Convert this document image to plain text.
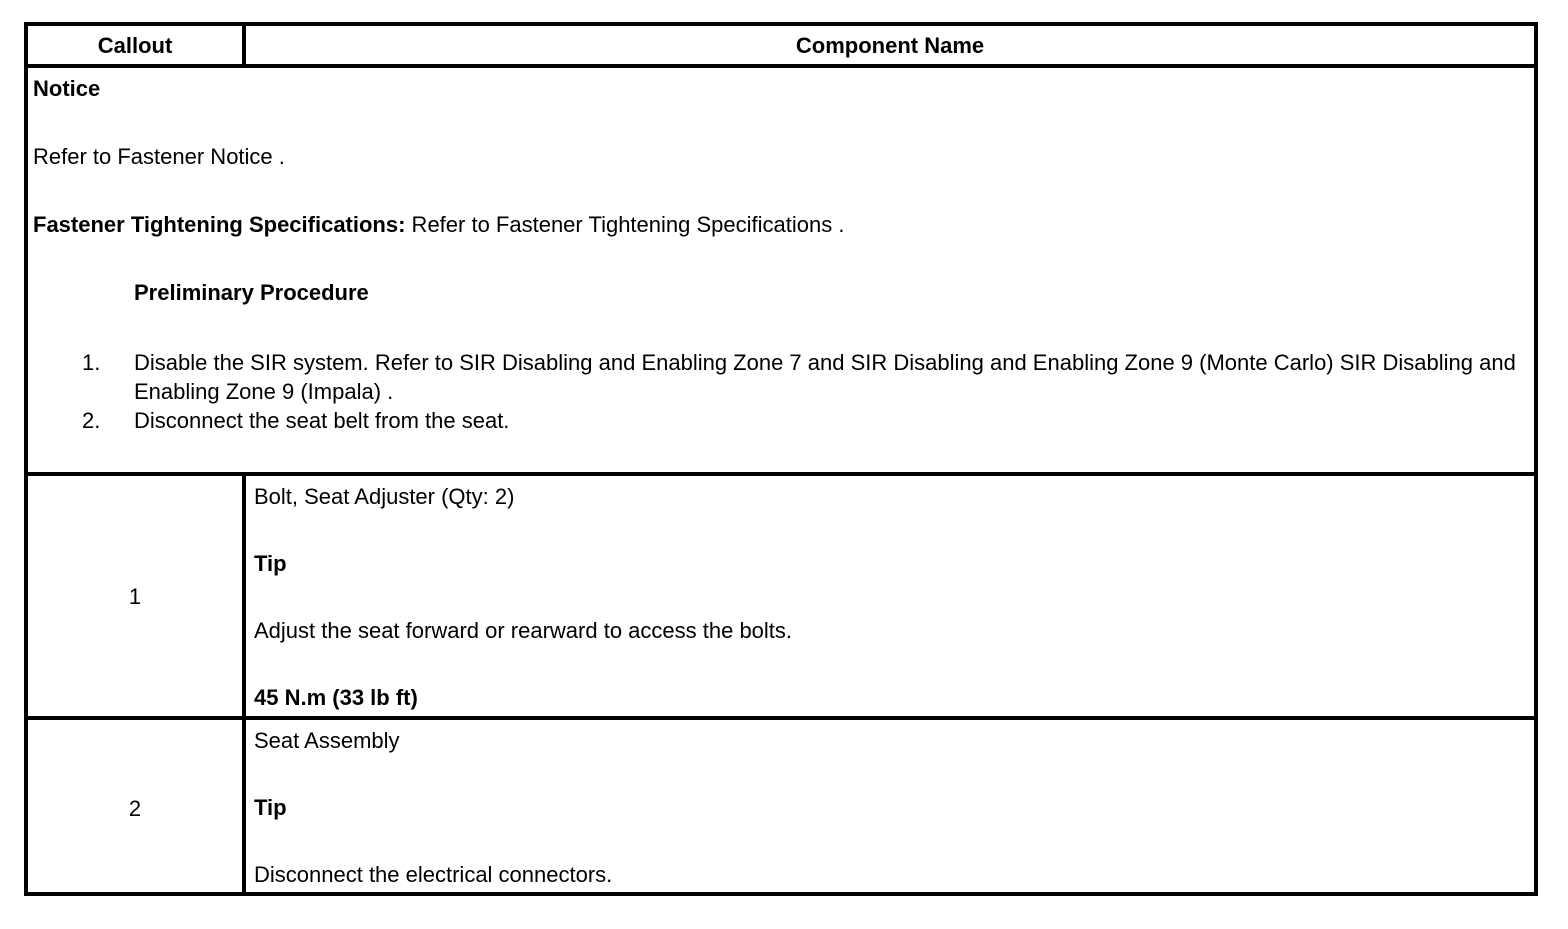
Callout	Component Name

Notice

Refer to Fastener Notice .

Fastener Tightening Specifications: Refer to Fastener Tightening Specifications .

Preliminary Procedure

1. Disable the SIR system. Refer to SIR Disabling and Enabling Zone 7 and SIR Disabling and Enabling Zone 9 (Monte Carlo) SIR Disabling and Enabling Zone 9 (Impala) .
2. Disconnect the seat belt from the seat.
1

Bolt, Seat Adjuster (Qty: 2)

Tip

Adjust the seat forward or rearward to access the bolts.

45 N.m (33 lb ft)

2

Seat Assembly

Tip

Disconnect the electrical connectors.
